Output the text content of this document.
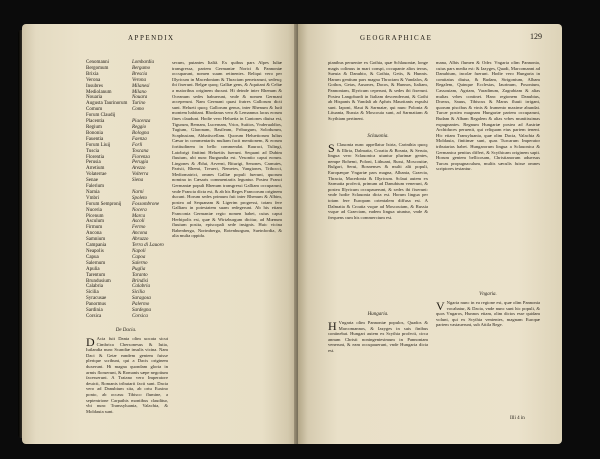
APPENDIX
Cenomanni	Lombardia
Bergomum	Bergamo
Brixia	Brescia
Verona	Verona
Insubres	Milanesi
Mediolanum	Milano
Nouaria	Nouara
Augusta Taurinorum Turino
Comum	Como
Forum Claudij
Placentia	Piacenza
Regium	Reggio
Bononia	Bologna
Fauentia	Faenza
Forum Liuij	Forli
Tuscia	Toscana
Florentia	Fiorenza
Perusia	Perugia
Arretium	Arezzo
Volaterrae	Volterra
Senae	Siena
Falerium
Narnia	Narni
Vmbri	Spoleto
Forum Sempronij Fossombrone
Nuceria	Nocera
Picenum	Marca
Asculum	Ascoli
Firmum	Fermo
Ancona	Ancona
Samnium	Abruzzo
Campania	Terra di Lauoro
Neapolis	Napoli
Capua	Capoa
Salernum	Salerno
Apulia	Puglia
Tarentum	Taranto
Brundusium	Brindisi
Calabria	Calabria
Sicilia	Sicilia
Syracusae	Saragosa
Panormus	Palermo
Sardinia	Sardegna
Corsica	Corsica
secum, putantes Italiā. Ex quibus pars Alpes Iuliæ transgressa, partem Germaniæ Norici & Pannoniæ occuparunt, nomen suum retinentes. Reliqui vero per Illyricum in Macedoniam & Thraciam penetrarunt, sedesq; ibi fixerunt. Belgæ quoq; Galliæ gens, & Aquitani & Celtæ a maioribus originem ducunt. Hi deinde inter Rhenum & Oceanum sedes habuerunt, vnde & nomen Germani acceperunt. Nam Germani quasi fratres Gallorum dicti sunt. Helueti quoq; Gallorum genus, inter Rhenum & Iurā montem habitant. Rhodanus vero & Lemannus lacus eorum fines claudunt. Hodie vero Heluetia in Cantones diuisa est, Tigurum, Bernam, Lucernam, Vrios, Suitios, Vnderualdios, Tugium, Glaronam, Basileam, Friburgum, Solodurum, Scaphusiam, Abbatiscellam. Quorum Heluetiorum Iulius Cæsar in commentariis multam facit mentionem, & eorum fortitudinem in bello commendat. Rauraci, Tulingi, Latobrigi finitimi Heluetiis fuerunt. Sequani ad Dubim fluuium, ubi nunc Burgundia est. Vesontio caput eorum. Lingones & Ædui, Arverni, Biturigi, Senones, Carnutes, Parisii, Rhemi, Treueri, Nemetes, Vangiones, Tribocci, Mediomatrici, omnes Galliæ populi fuerunt, quorum nomina in Cæsaris commentariis leguntur. Postea Franci Germaniæ populi Rhenum transgressi Galliam occuparunt, vnde Francia dicta est, & ab his Reges Francorum originem ducunt. Horum sedes primum fuit inter Rhenum & Albim, postea ad Sequanam & Ligerim progressi, totam fere Galliam in potestatem suam redegerunt. Ab his etiam Franconia Germaniæ regio nomen habet, cuius caput Herbipolis est, quæ & Wirtzburgum dicitur, ad Mœnum fluuium posita, episcopali sede insignis. Huic vicina Babenberga, Norimberga, Rotenburgum, Sueinfordia, & alia multa oppida.
De Dacia.
D Acia fuit Dania olim uocata sicut Cimbrica Chersonesus & Iutia, Iutlandia nunc Scandiæ insulis vicina. Nam Daci & Getæ eandem gentem fuisse plerique scribunt, qui a Dacis originem duxerunt. Hi magna quondam gloria in armis floruerunt, & Romanis sæpe negotium facesserunt. A Traiano vero Imperatore deuicti, Romanis tributarii facti sunt. Dacia vero ad Danubium sita, ab ortu Euxino ponto, ab occasu Tibisco flumine, a septentrione Carpathis montibus clauditur, vbi nunc Transsyluania, Valachia, & Moldauia sunt.
GEOGRAPHICAE	129
pianibus peruenire ex Gothia, quæ Schlauoniæ, longe magis colimus in mari conspi, occupante alios terras, Sueuia & Danubio, & Gothia, Getis, & Hunnis. Harum gentium pars magna Thraciam & Vandalos, & Gothos, Getas, Ausones, Dacos, & Hunnos, Italiam, Pannoniam, Illyricum ceperunt, & sedes ibi fixerunt. Postea Langobardi in Italiam descenderunt, & Gothi ab Hispanis & Vandali ab Aphris Mauritanis expulsi sunt. Iaponi, Slaui & Sarmatæ, qui nunc Polonia & Lituania, Russia & Moscouia sunt, ad Sarmatiam & Scythiam pertinent.
Sclauonia.
S Clauonia nunc appellatur Istria, Carinthia quoq; & Illiria, Dalmatia, Croatia & Bosnia, & Seruia, lingua vero Sclauonica utuntur plurimæ gentes, nempe Bohemi, Poloni, Lithuani, Russi, Moscouitæ, Bulgari, Serui, Bosnenses & multi alii populi, Europæque Vngariæ pars magna, Albania, Graecia, Thracia, Macedonia & Illyricum. Sclaui autem ex Sarmatia profecti, primum ad Danubium venerunt, & postea Illyricum occupauerunt, & sedes ibi fixerunt: vnde hodie Sclauonia dicta est. Horum lingua per totam fere Europam orientalem diffusa est. A Dalmatia & Croatia vsque ad Moscouiam, & Russia vsque ad Graeciam, eadem lingua utuntur, vnde & frequens cum his commercium est.
Hungaria.
H Vngaria olim Pannoniæ populos, Quados & Marcomannos, & Iazyges in suis finibus continebat. Hungari autem ex Scythia profecti, circa annum Christi noningentesimum in Pannoniam venerunt, & eam occupauerunt, vnde Hungaria dicta est.
mana, Albis flumen & Oder. Vngaria olim Pannonia, cuius pars media est: & Iazyges, Quadi, Marcomanni ad Danubium, incolæ fuerunt. Hodie vero Hungaria in comitatus diuisa, & Budam, Strigonium, Albam Regalem, Quinque Ecclesias, Iaurinum, Posonium, Cassouiam, Agriam, Varadinum, Zagrabiam & alias multas vrbes continet. Hanc regionem Danubius, Dravus, Sauus, Tibiscus & Marus fluuii irrigant, quorum piscibus & vinis & frumento maxime abundat. Turcæ postea magnam Hungariæ partem occuparunt, Budam & Albam Regalem & alias vrbes munitissimas expugnantes. Regnum Hungariæ postea ad Austriæ Archiduces peruenit, qui reliquam eius partem tenent. Hic etiam Transyluania, quæ olim Dacia, Valachia & Moldauia, finitimæ sunt, quas Turcarum Imperator tributarias habet. Hungarorum lingua a Sclauonica & Germanica penitus differt, & Scythicam originem sapit. Horum gentem bellicosam, Christianorum aduersus Turcas propugnaculum, multis sæculis fuisse omnes scriptores testantur.
Vngaria.
V Ngaria nunc in ea regione est, quæ olim Pannonia vocabatur, & Dacia, vnde nunc sunt hic populi, & quos Vngaros, Hunnos etiam, olim dictos esse quidam volunt, qui ex Scythia venientes, magnam Europæ partem vastauerunt, sub Attila Rege.
Illi 4 in
